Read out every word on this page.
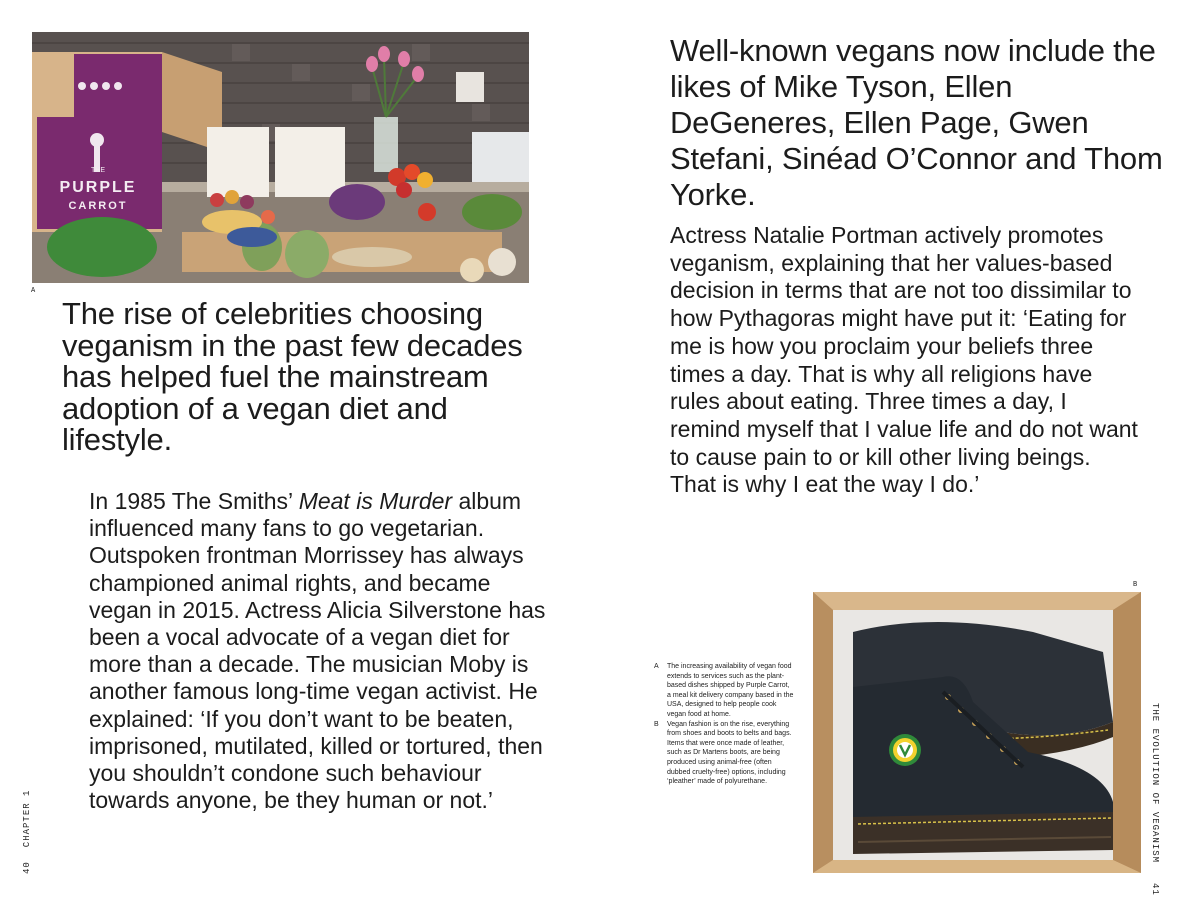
THE
PURPLE
CARROT
A

The rise of celebrities choosing veganism in the past few decades has helped fuel the mainstream adoption of a vegan diet and lifestyle.

In 1985 The Smiths’ Meat is Murder album influenced many fans to go vegetarian. Outspoken frontman Morrissey has always championed animal rights, and became vegan in 2015. Actress Alicia Silverstone has been a vocal advocate of a vegan diet for more than a decade. The musician Moby is another famous long-time vegan activist. He explained: ‘If you don’t want to be beaten, imprisoned, mutilated, killed or tortured, then you shouldn’t condone such behaviour towards anyone, be they human or not.’

40CHAPTER 1

Well-known vegans now include the likes of Mike Tyson, Ellen DeGeneres, Ellen Page, Gwen Stefani, Sinéad O’Connor and Thom Yorke.

Actress Natalie Portman actively promotes veganism, explaining that her values-based decision in terms that are not too dissimilar to how Pythagoras might have put it: ‘Eating for me is how you proclaim your beliefs three times a day. That is why all religions have rules about eating. Three times a day, I remind myself that I value life and do not want to cause pain to or kill other living beings. That is why I eat the way I do.’

B
A	The increasing availability of vegan food extends to services such as the plant-based dishes shipped by Purple Carrot, a meal kit delivery company based in the USA, designed to help people cook vegan food at home.
B	Vegan fashion is on the rise, everything from shoes and boots to belts and bags. Items that were once made of leather, such as Dr Martens boots, are being produced using animal-free (often dubbed cruelty-free) options, including ‘pleather’ made of polyurethane.	THE EVOLUTION OF VEGANISM41
